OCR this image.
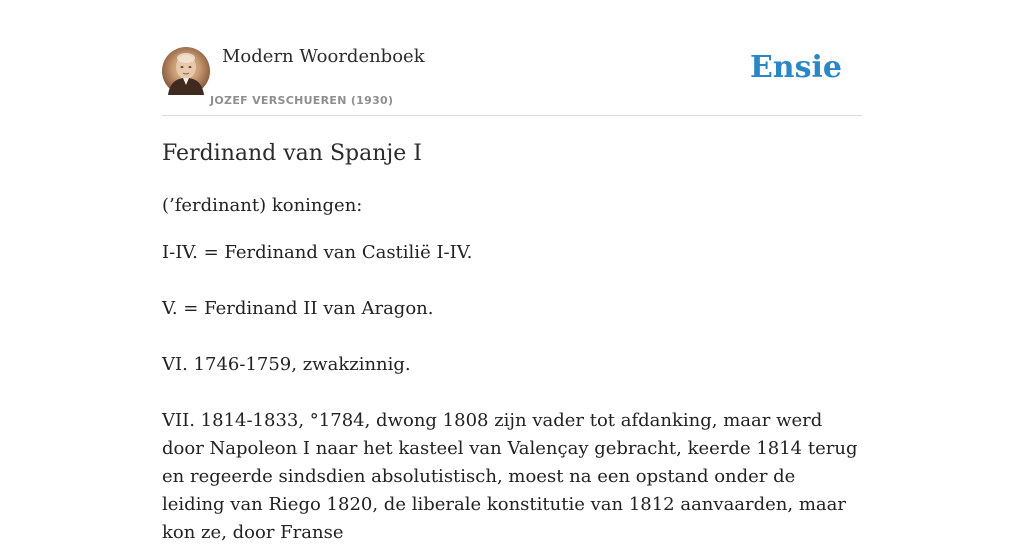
Modern Woordenboek
JOZEF VERSCHUEREN (1930)
Ensie
Ferdinand van Spanje I

(’ferdinant) koningen:

I-IV. = Ferdinand van Castilië I-IV.

V. = Ferdinand II van Aragon.

VI. 1746-1759, zwakzinnig.

VII. 1814-1833, °1784, dwong 1808 zijn vader tot afdanking, maar werd door Napoleon I naar het kasteel van Valençay gebracht, keerde 1814 terug en regeerde sindsdien absolutistisch, moest na een opstand onder de leiding van Riego 1820, de liberale konstitutie van 1812 aanvaarden, maar kon ze, door Franse
